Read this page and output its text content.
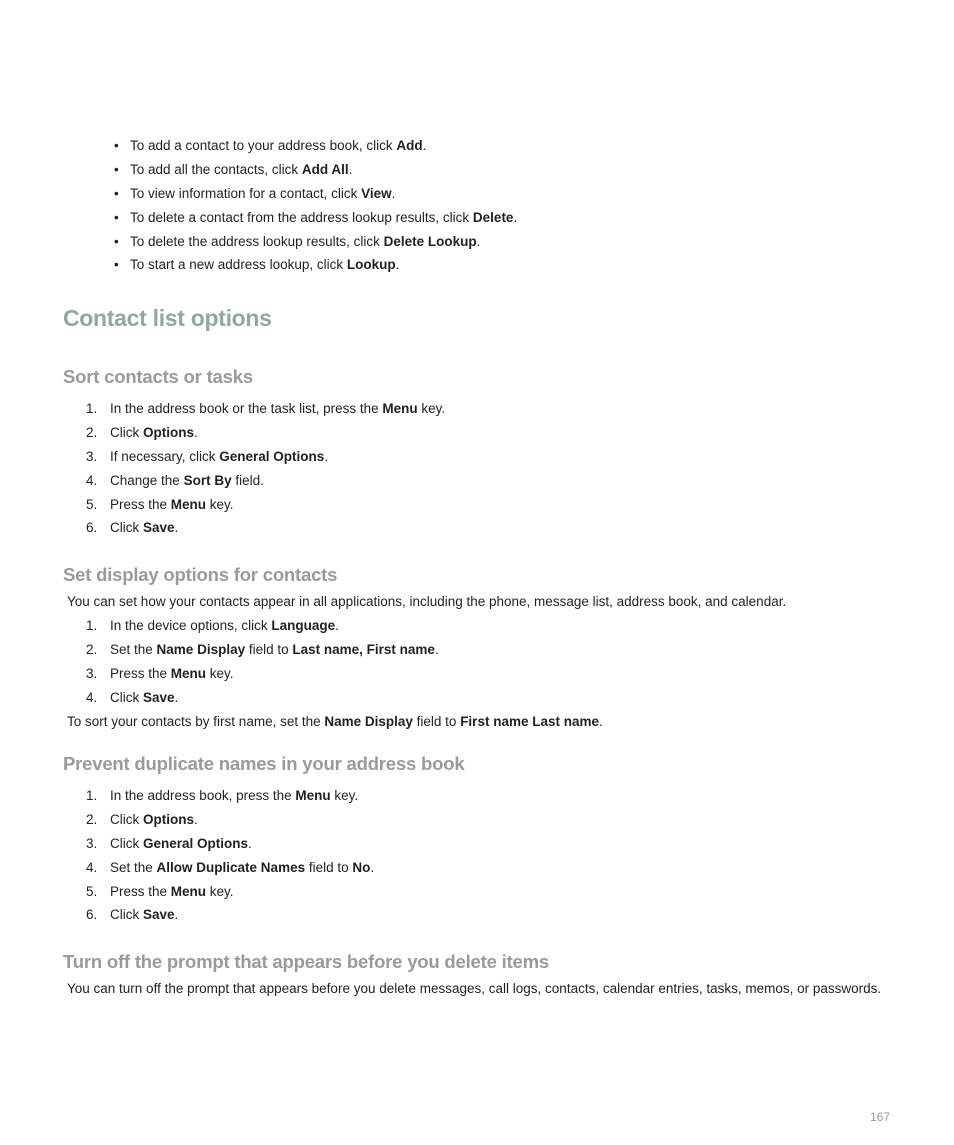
• To add a contact to your address book, click Add.
• To add all the contacts, click Add All.
• To view information for a contact, click View.
• To delete a contact from the address lookup results, click Delete.
• To delete the address lookup results, click Delete Lookup.
• To start a new address lookup, click Lookup.
Contact list options
Sort contacts or tasks
1. In the address book or the task list, press the Menu key.
2. Click Options.
3. If necessary, click General Options.
4. Change the Sort By field.
5. Press the Menu key.
6. Click Save.
Set display options for contacts

You can set how your contacts appear in all applications, including the phone, message list, address book, and calendar.

1. In the device options, click Language.
2. Set the Name Display field to Last name, First name.
3. Press the Menu key.
4. Click Save.

To sort your contacts by first name, set the Name Display field to First name Last name.

Prevent duplicate names in your address book
1. In the address book, press the Menu key.
2. Click Options.
3. Click General Options.
4. Set the Allow Duplicate Names field to No.
5. Press the Menu key.
6. Click Save.
Turn off the prompt that appears before you delete items

You can turn off the prompt that appears before you delete messages, call logs, contacts, calendar entries, tasks, memos, or passwords.

167
